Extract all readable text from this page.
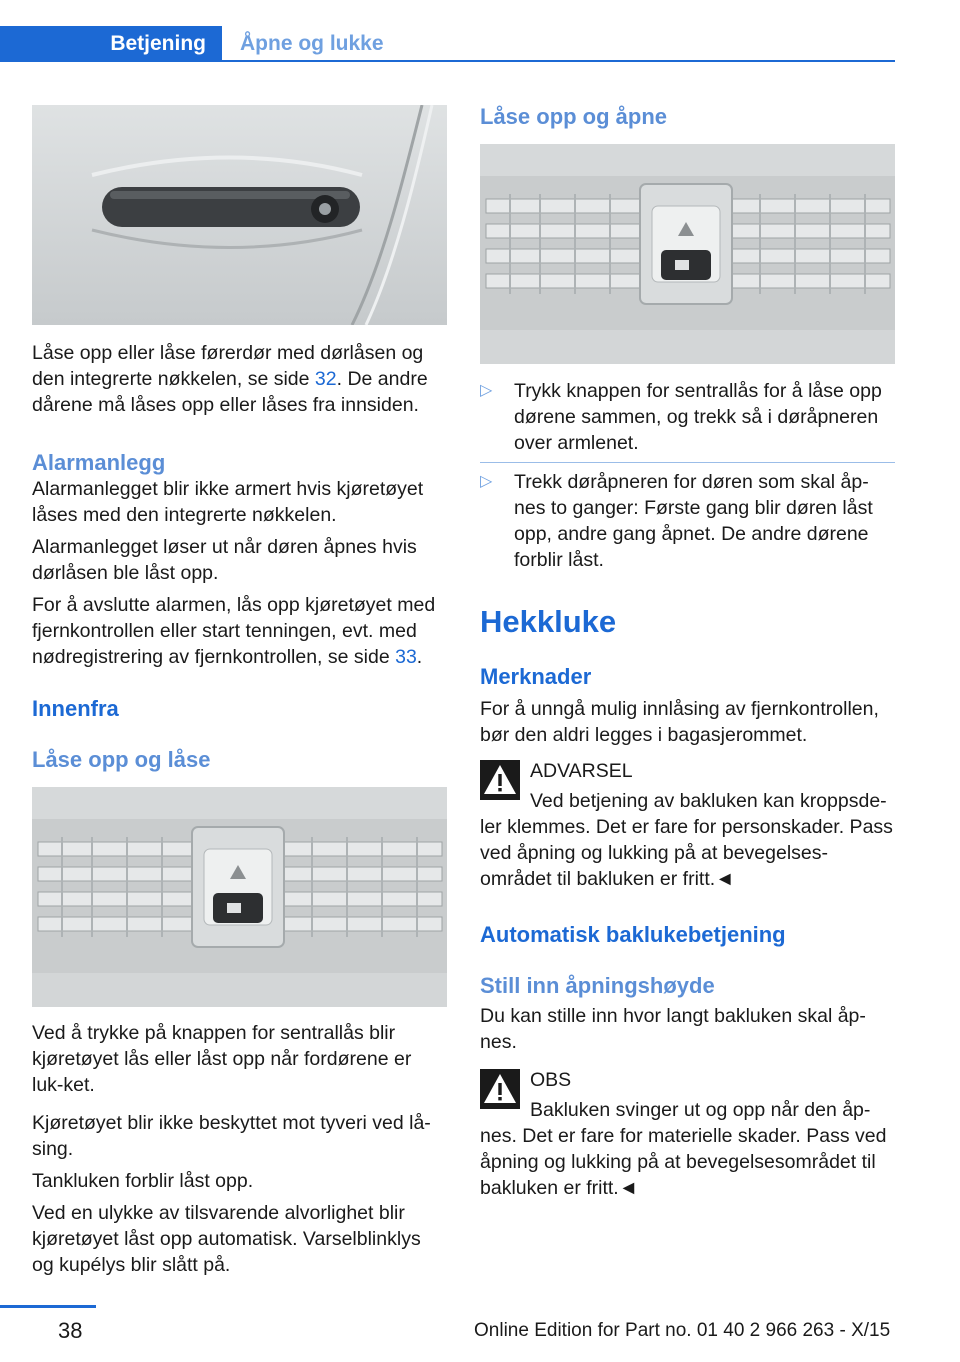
Betjening	Åpne og lukke

Låse opp eller låse førerdør med dørlåsen og den integrerte nøkkelen, se side 32. De andre dårene må låses opp eller låses fra innsiden.

Alarmanlegg

Alarmanlegget blir ikke armert hvis kjøretøyet låses med den integrerte nøkkelen.

Alarmanlegget løser ut når døren åpnes hvis dørlåsen ble låst opp.

For å avslutte alarmen, lås opp kjøretøyet med fjernkontrollen eller start tenningen, evt. med nødregistrering av fjernkontrollen, se side 33.

Innenfra
Låse opp og låse

Ved å trykke på knappen for sentrallås blir kjøretøyet lås eller låst opp når fordørene er luk-ket.

Kjøretøyet blir ikke beskyttet mot tyveri ved lå-sing.

Tankluken forblir låst opp.

Ved en ulykke av tilsvarende alvorlighet blir kjøretøyet låst opp automatisk. Varselblinklys og kupélys blir slått på.

Låse opp og åpne
▷ Trykk knappen for sentrallås for å låse opp dørene sammen, og trekk så i døråpneren over armlenet.
▷ Trekk døråpneren for døren som skal åp-nes to ganger: Første gang blir døren låst opp, andre gang åpnet. De andre dørene forblir låst.
Hekkluke
Merknader

For å unngå mulig innlåsing av fjernkontrollen, bør den aldri legges i bagasjerommet.

ADVARSEL

Ved betjening av bakluken kan kroppsde-ler klemmes. Det er fare for personskader. Pass ved åpning og lukking på at bevegelses-området til bakluken er fritt.◄

Automatisk baklukebetjening
Still inn åpningshøyde

Du kan stille inn hvor langt bakluken skal åp-nes.

OBS

Bakluken svinger ut og opp når den åp-nes. Det er fare for materielle skader. Pass ved åpning og lukking på at bevegelsesområdet til bakluken er fritt.◄

38	Online Edition for Part no. 01 40 2 966 263 - X/15
